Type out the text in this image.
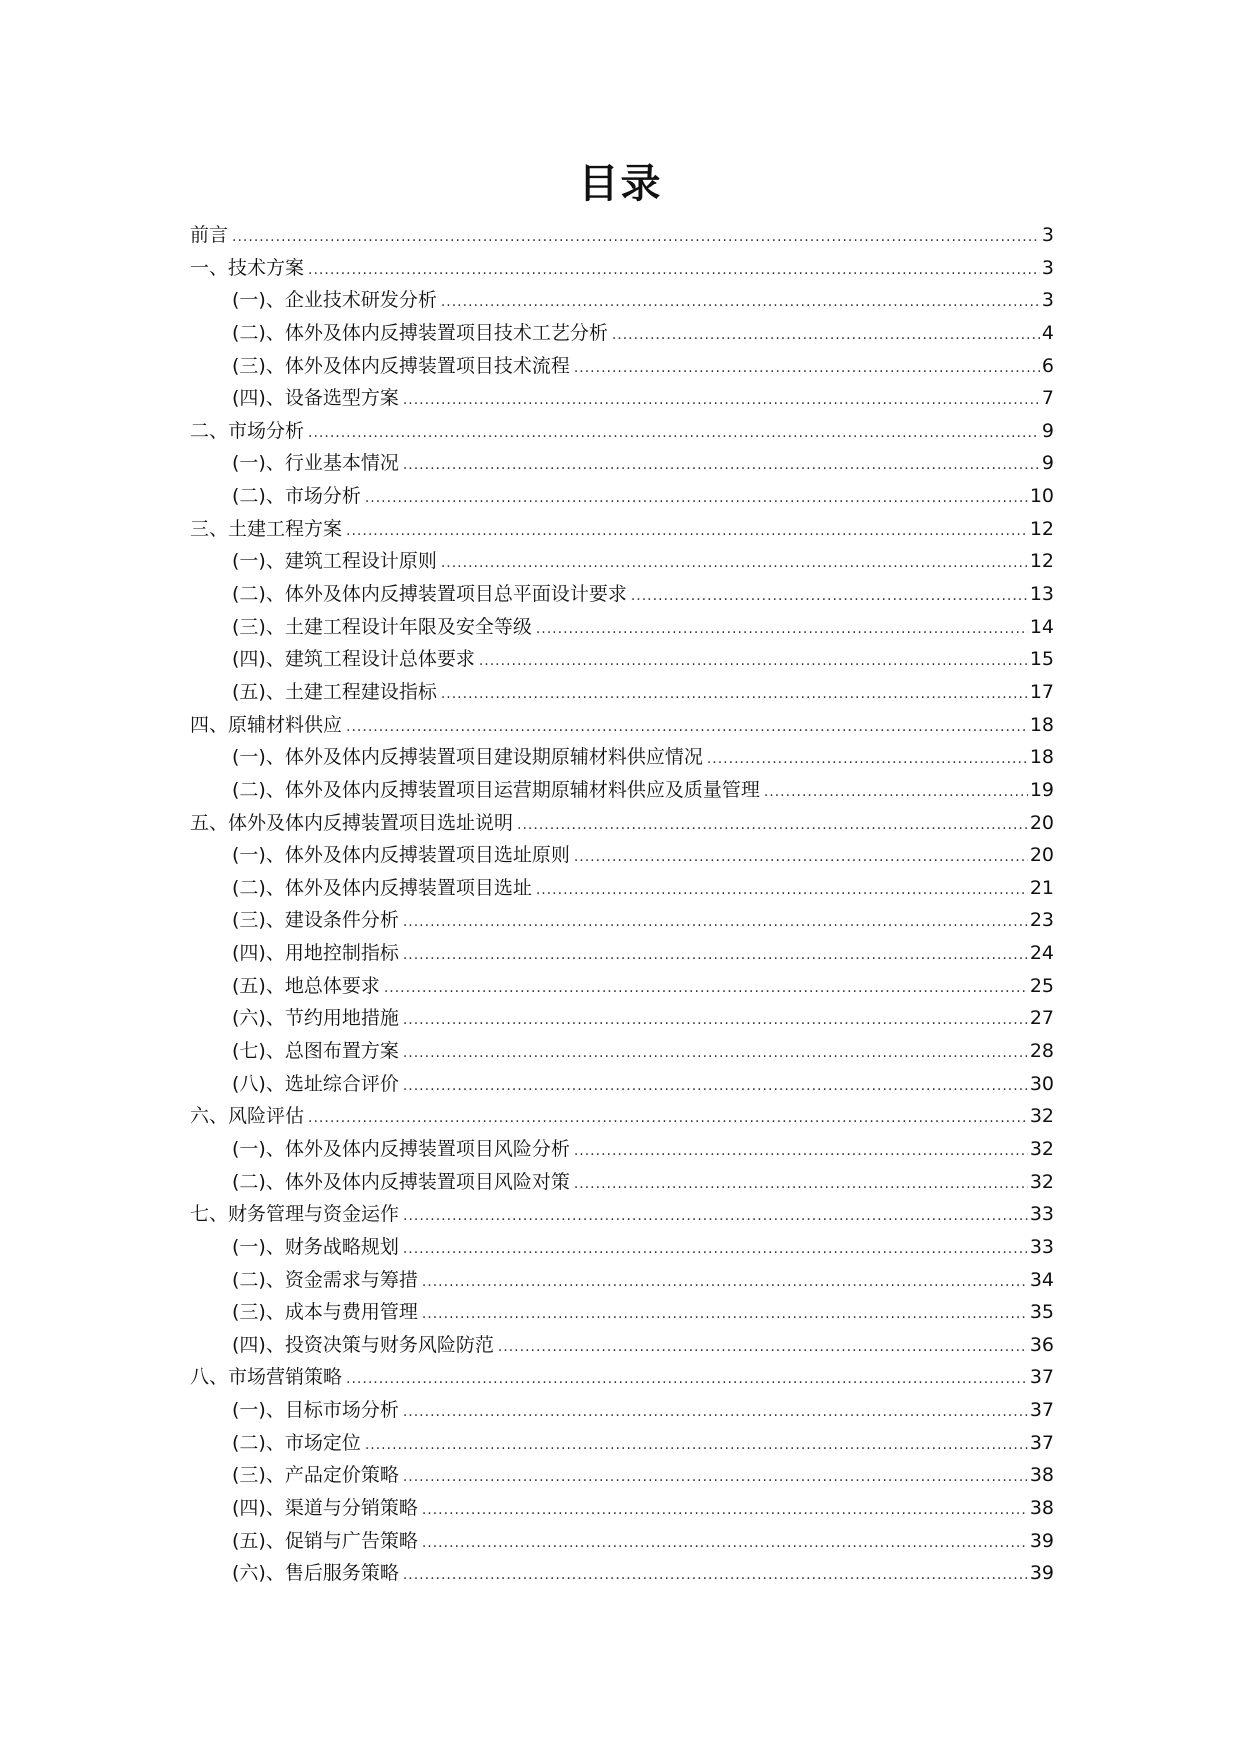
目录
前言 .....	3
一、技术方案 .....	3
(一)、企业技术研发分析 .....	3
(二)、体外及体内反搏装置项目技术工艺分析 .....	4
(三)、体外及体内反搏装置项目技术流程 .....	6
(四)、设备选型方案 .....	7
二、市场分析 .....	9
(一)、行业基本情况 .....	9
(二)、市场分析 .....	10
三、土建工程方案 .....	12
(一)、建筑工程设计原则 .....	12
(二)、体外及体内反搏装置项目总平面设计要求 .....	13
(三)、土建工程设计年限及安全等级 .....	14
(四)、建筑工程设计总体要求 .....	15
(五)、土建工程建设指标 .....	17
四、原辅材料供应 .....	18
(一)、体外及体内反搏装置项目建设期原辅材料供应情况 .....	18
(二)、体外及体内反搏装置项目运营期原辅材料供应及质量管理 .....	19
五、体外及体内反搏装置项目选址说明 .....	20
(一)、体外及体内反搏装置项目选址原则 .....	20
(二)、体外及体内反搏装置项目选址 .....	21
(三)、建设条件分析 .....	23
(四)、用地控制指标 .....	24
(五)、地总体要求 .....	25
(六)、节约用地措施 .....	27
(七)、总图布置方案 .....	28
(八)、选址综合评价 .....	30
六、风险评估 .....	32
(一)、体外及体内反搏装置项目风险分析 .....	32
(二)、体外及体内反搏装置项目风险对策 .....	32
七、财务管理与资金运作 .....	33
(一)、财务战略规划 .....	33
(二)、资金需求与筹措 .....	34
(三)、成本与费用管理 .....	35
(四)、投资决策与财务风险防范 .....	36
八、市场营销策略 .....	37
(一)、目标市场分析 .....	37
(二)、市场定位 .....	37
(三)、产品定价策略 .....	38
(四)、渠道与分销策略 .....	38
(五)、促销与广告策略 .....	39
(六)、售后服务策略 .....	39
